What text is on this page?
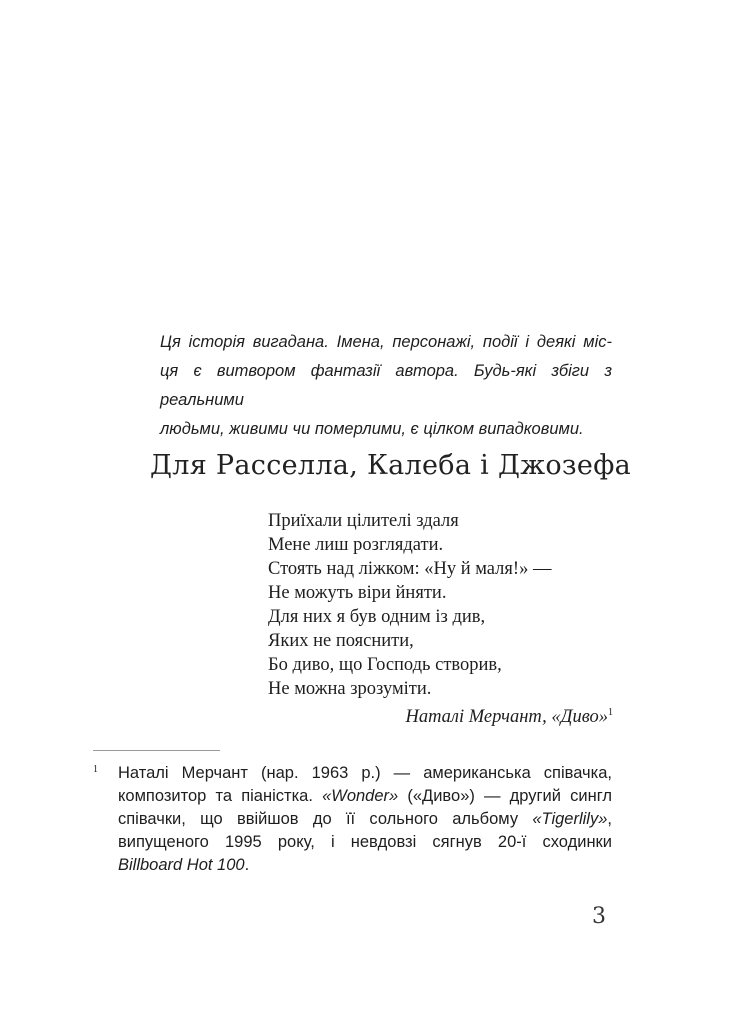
Ця історія вигадана. Імена, персонажі, події і деякі міс-
ця є витвором фантазії автора. Будь-які збіги з реальними
людьми, живими чи померлими, є цілком випадковими.
Для Расселла, Калеба і Джозефа
Приїхали цілителі здаля
Мене лиш розглядати.
Стоять над ліжком: «Ну й маля!» —
Не можуть віри йняти.
Для них я був одним із див,
Яких не пояснити,
Бо диво, що Господь створив,
Не можна зрозуміти.
Наталі Мерчант, «Диво»$^1$
1 Наталі Мерчант (нар. 1963 р.) — американська співачка,
композитор та піаністка. «Wonder» («Диво») — другий сингл
співачки, що ввійшов до її сольного альбому «Tigerlily»,
випущеного 1995 року, і невдовзі сягнув 20-ї сходинки
Billboard Hot 100.
3
